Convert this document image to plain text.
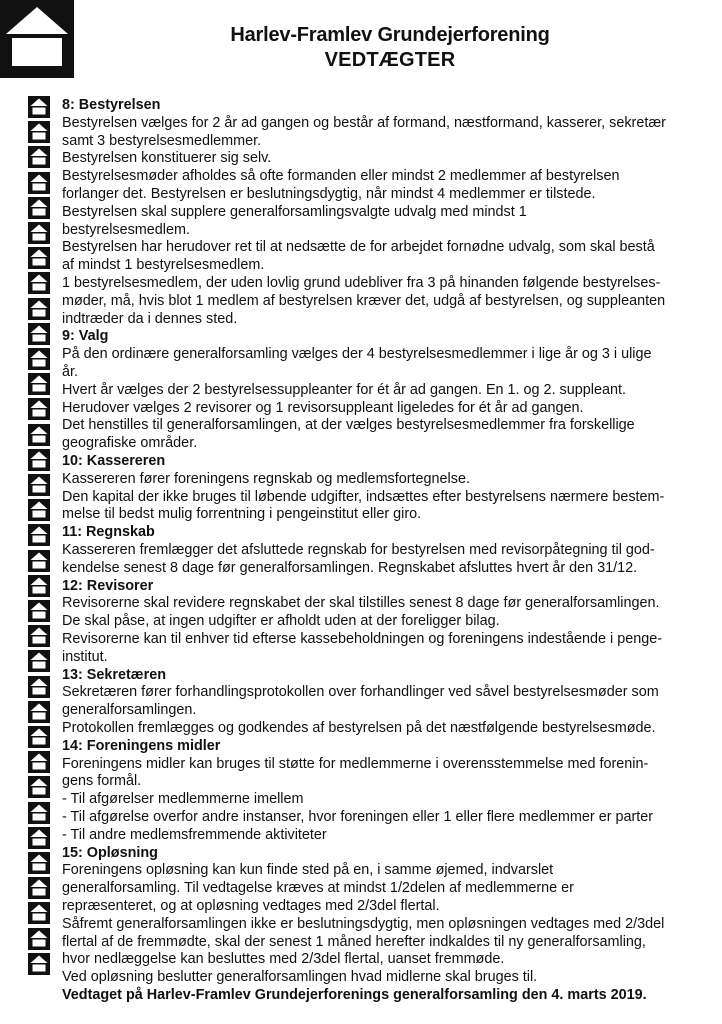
Harlev-Framlev Grundejerforening
VEDTÆGTER
8: Bestyrelsen
Bestyrelsen vælges for 2 år ad gangen og består af formand, næstformand, kasserer, sekretær
samt 3 bestyrelsesmedlemmer.
Bestyrelsen konstituerer sig selv.
Bestyrelsesmøder afholdes så ofte formanden eller mindst 2 medlemmer af bestyrelsen
forlanger det. Bestyrelsen er beslutningsdygtig, når mindst 4 medlemmer er tilstede.
Bestyrelsen skal supplere generalforsamlingsvalgte udvalg med mindst 1
bestyrelsesmedlem.
Bestyrelsen har herudover ret til at nedsætte de for arbejdet fornødne udvalg, som skal bestå
af mindst 1 bestyrelsesmedlem.
1 bestyrelsesmedlem, der uden lovlig grund udebliver fra 3 på hinanden følgende bestyrelses-
møder, må, hvis blot 1 medlem af bestyrelsen kræver det, udgå af bestyrelsen, og suppleanten
indtræder da i dennes sted.
9: Valg
På den ordinære generalforsamling vælges der 4 bestyrelsesmedlemmer i lige år og 3 i ulige
år.
Hvert år vælges der 2 bestyrelsessuppleanter for ét år ad gangen. En 1. og 2. suppleant.
Herudover vælges 2 revisorer og 1 revisorsuppleant ligeledes for ét år ad gangen.
Det henstilles til generalforsamlingen, at der vælges bestyrelsesmedlemmer fra forskellige
geografiske områder.
10: Kassereren
Kassereren fører foreningens regnskab og medlemsfortegnelse.
Den kapital der ikke bruges til løbende udgifter, indsættes efter bestyrelsens nærmere bestem-
melse til bedst mulig forrentning i pengeinstitut eller giro.
11: Regnskab
Kassereren fremlægger det afsluttede regnskab for bestyrelsen med revisorpåtegning til god-
kendelse senest 8 dage før generalforsamlingen. Regnskabet afsluttes hvert år den 31/12.
12: Revisorer
Revisorerne skal revidere regnskabet der skal tilstilles senest 8 dage før generalforsamlingen.
De skal påse, at ingen udgifter er afholdt uden at der foreligger bilag.
Revisorerne kan til enhver tid efterse kassebeholdningen og foreningens indestående i penge-
institut.
13: Sekretæren
Sekretæren fører forhandlingsprotokollen over forhandlinger ved såvel bestyrelsesmøder som
generalforsamlingen.
Protokollen fremlægges og godkendes af bestyrelsen på det næstfølgende bestyrelsesmøde.
14: Foreningens midler
Foreningens midler kan bruges til støtte for medlemmerne i overensstemmelse med forenin-
gens formål.
- Til afgørelser medlemmerne imellem
- Til afgørelse overfor andre instanser, hvor foreningen eller 1 eller flere medlemmer er parter
- Til andre medlemsfremmende aktiviteter
15: Opløsning
Foreningens opløsning kan kun finde sted på en, i samme øjemed, indvarslet
generalforsamling. Til vedtagelse kræves at mindst 1/2delen af medlemmerne er
repræsenteret, og at opløsning vedtages med 2/3del flertal.
Såfremt generalforsamlingen ikke er beslutningsdygtig, men opløsningen vedtages med 2/3del
flertal af de fremmødte, skal der senest 1 måned herefter indkaldes til ny generalforsamling,
hvor nedlæggelse kan besluttes med 2/3del flertal, uanset fremmøde.
Ved opløsning beslutter generalforsamlingen hvad midlerne skal bruges til.
Vedtaget på Harlev-Framlev Grundejerforenings generalforsamling den 4. marts 2019.
